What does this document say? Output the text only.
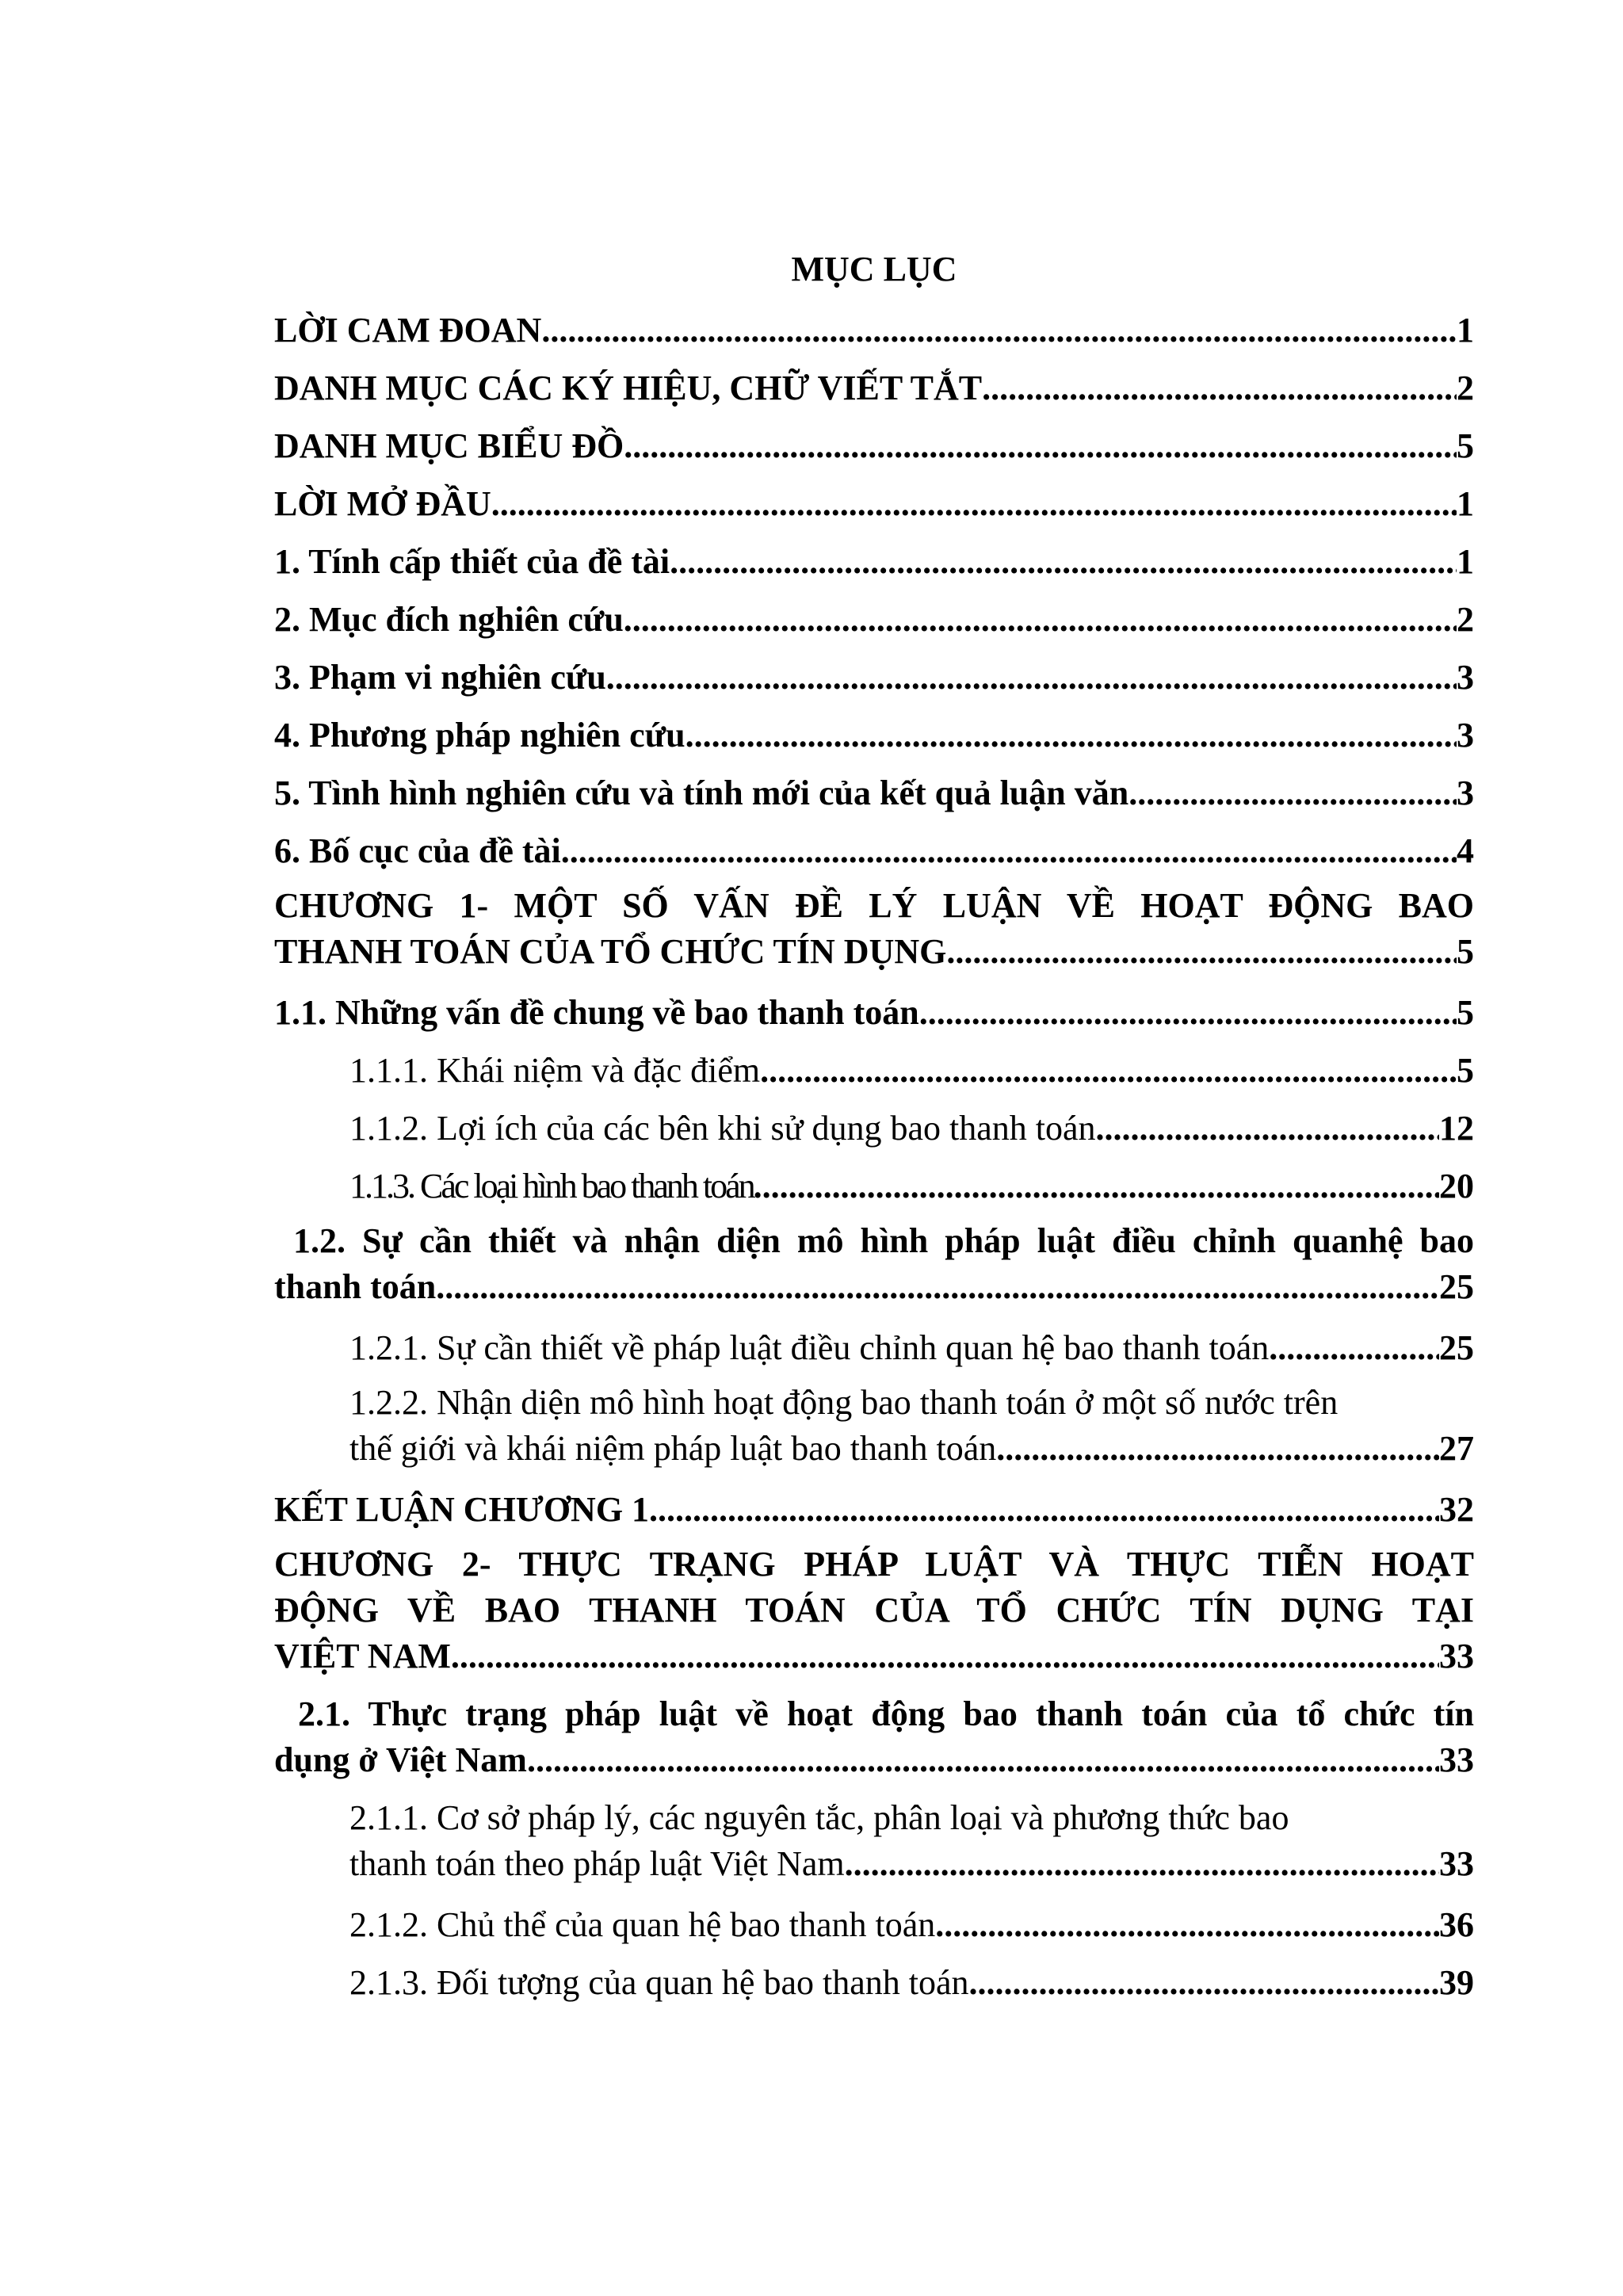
MỤC LỤC
LỜI CAM ĐOAN .....	1
DANH MỤC CÁC KÝ HIỆU, CHỮ VIẾT TẮT .....	2
DANH MỤC BIỂU ĐỒ .....	5
LỜI MỞ ĐẦU .....	1
1. Tính cấp thiết của đề tài .....	1
2. Mục đích nghiên cứu .....	2
3. Phạm vi nghiên cứu .....	3
4. Phương pháp nghiên cứu .....	3
5. Tình hình nghiên cứu và tính mới của kết quả luận văn .....	3
6. Bố cục của đề tài .....	4
CHƯƠNG 1- MỘT SỐ VẤN ĐỀ LÝ LUẬN VỀ HOẠT ĐỘNG BAO
THANH TOÁN CỦA TỔ CHỨC TÍN DỤNG .....	5
1.1. Những vấn đề chung về bao thanh toán .....	5
1.1.1. Khái niệm và đặc điểm .....	5
1.1.2. Lợi ích của các bên khi sử dụng bao thanh toán .....	12
1.1.3. Các loại hình bao thanh toán .....	20
1.2. Sự cần thiết và nhận diện mô hình pháp luật điều chỉnh quanhệ bao
thanh toán .....	25
1.2.1. Sự cần thiết về pháp luật điều chỉnh quan hệ bao thanh toán .....	25
1.2.2. Nhận diện mô hình hoạt động bao thanh toán ở một số nước trên
thế giới và khái niệm pháp luật bao thanh toán .....	27
KẾT LUẬN CHƯƠNG 1 .....	32
CHƯƠNG 2- THỰC TRẠNG PHÁP LUẬT VÀ THỰC TIỄN HOẠT
ĐỘNG VỀ BAO THANH TOÁN CỦA TỔ CHỨC TÍN DỤNG TẠI
VIỆT NAM .....	33
2.1. Thực trạng pháp luật về hoạt động bao thanh toán của tổ chức tín
dụng ở Việt Nam .....	33
2.1.1. Cơ sở pháp lý, các nguyên tắc, phân loại và phương thức bao
thanh toán theo pháp luật Việt Nam .....	33
2.1.2. Chủ thể của quan hệ bao thanh toán .....	36
2.1.3. Đối tượng của quan hệ bao thanh toán .....	39
